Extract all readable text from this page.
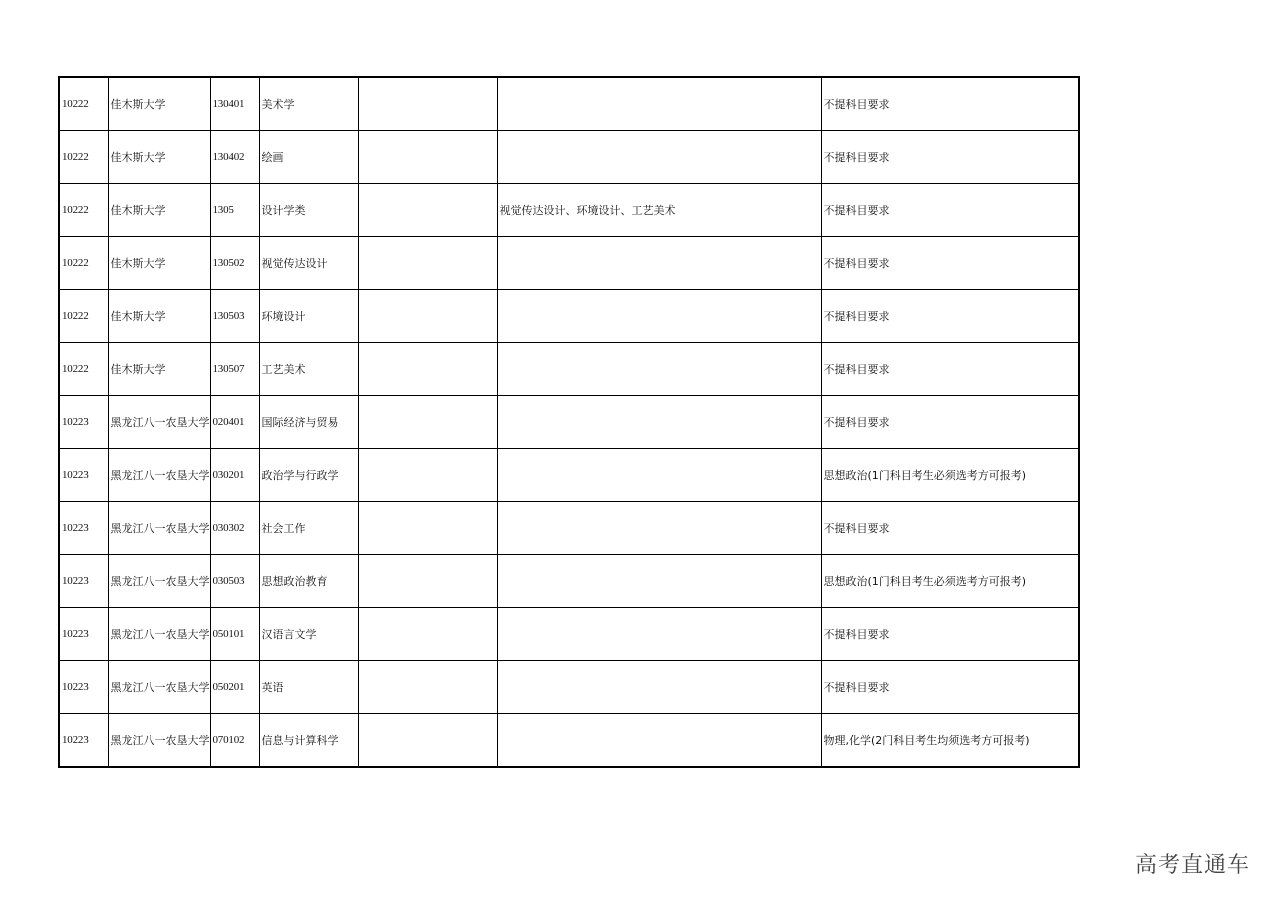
10222	佳木斯大学	130401	美术学			不提科目要求
10222	佳木斯大学	130402	绘画			不提科目要求
10222	佳木斯大学	1305	设计学类		视觉传达设计、环境设计、工艺美术	不提科目要求
10222	佳木斯大学	130502	视觉传达设计			不提科目要求
10222	佳木斯大学	130503	环境设计			不提科目要求
10222	佳木斯大学	130507	工艺美术			不提科目要求
10223	黑龙江八一农垦大学	020401	国际经济与贸易			不提科目要求
10223	黑龙江八一农垦大学	030201	政治学与行政学			思想政治(1门科目考生必须选考方可报考)
10223	黑龙江八一农垦大学	030302	社会工作			不提科目要求
10223	黑龙江八一农垦大学	030503	思想政治教育			思想政治(1门科目考生必须选考方可报考)
10223	黑龙江八一农垦大学	050101	汉语言文学			不提科目要求
10223	黑龙江八一农垦大学	050201	英语			不提科目要求
10223	黑龙江八一农垦大学	070102	信息与计算科学			物理,化学(2门科目考生均须选考方可报考)
高考直通车
